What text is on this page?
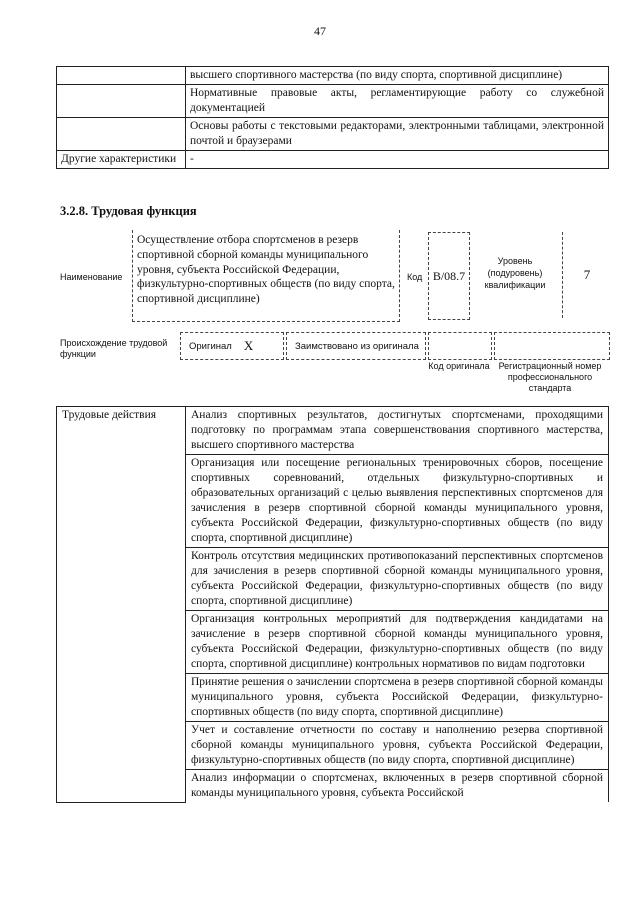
47
	высшего спортивного мастерства (по виду спорта, спортивной дисциплине)
	Нормативные правовые акты, регламентирующие работу со служебной документацией
	Основы работы с текстовыми редакторами, электронными таблицами, электронной почтой и браузерами
Другие характеристики	-
3.2.8. Трудовая функция
Наименование
Осуществление отбора спортсменов в резерв спортивной сборной команды муниципального уровня, субъекта Российской Федерации, физкультурно-спортивных обществ (по виду спорта, спортивной дисциплине)
Код В/08.7
Уровень (подуровень) квалификации
7
Происхождение трудовой функции
Оригинал X	Заимствовано из оригинала
Код оригинала Регистрационный номер профессионального стандарта
Трудовые действия	Анализ спортивных результатов, достигнутых спортсменами, проходящими подготовку по программам этапа совершенствования спортивного мастерства, высшего спортивного мастерства
Организация или посещение региональных тренировочных сборов, посещение спортивных соревнований, отдельных физкультурно-спортивных и образовательных организаций с целью выявления перспективных спортсменов для зачисления в резерв спортивной сборной команды муниципального уровня, субъекта Российской Федерации, физкультурно-спортивных обществ (по виду спорта, спортивной дисциплине)
Контроль отсутствия медицинских противопоказаний перспективных спортсменов для зачисления в резерв спортивной сборной команды муниципального уровня, субъекта Российской Федерации, физкультурно-спортивных обществ (по виду спорта, спортивной дисциплине)
Организация контрольных мероприятий для подтверждения кандидатами на зачисление в резерв спортивной сборной команды муниципального уровня, субъекта Российской Федерации, физкультурно-спортивных обществ (по виду спорта, спортивной дисциплине) контрольных нормативов по видам подготовки
Принятие решения о зачислении спортсмена в резерв спортивной сборной команды муниципального уровня, субъекта Российской Федерации, физкультурно-спортивных обществ (по виду спорта, спортивной дисциплине)
Учет и составление отчетности по составу и наполнению резерва спортивной сборной команды муниципального уровня, субъекта Российской Федерации, физкультурно-спортивных обществ (по виду спорта, спортивной дисциплине)
Анализ информации о спортсменах, включенных в резерв спортивной сборной команды муниципального уровня, субъекта Российской
